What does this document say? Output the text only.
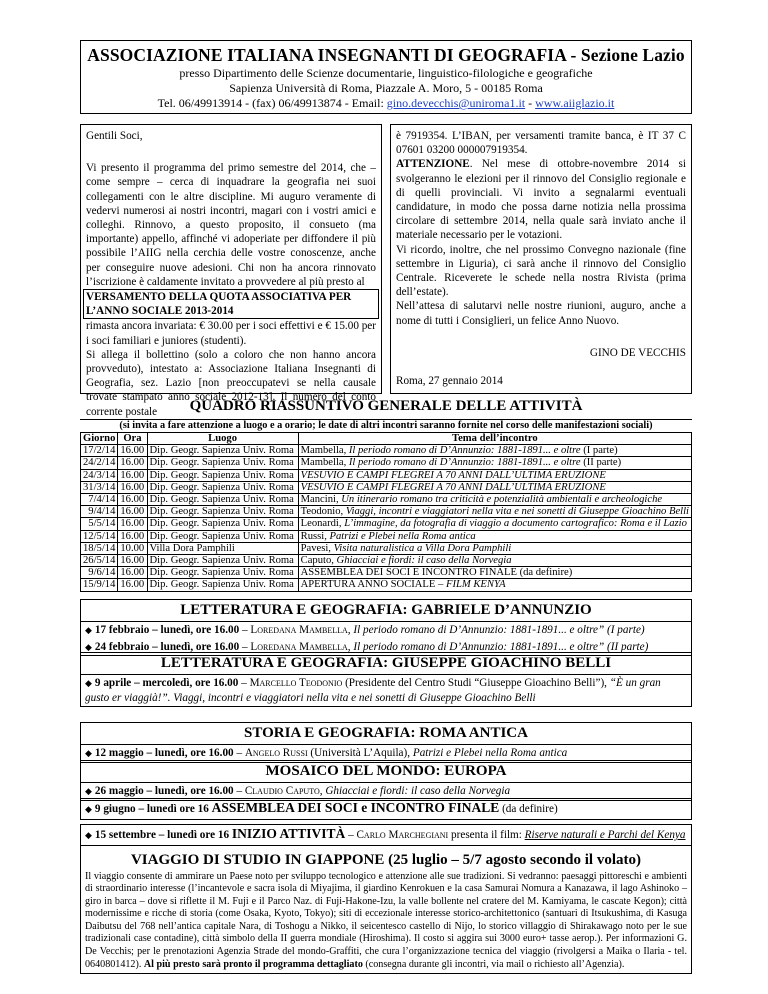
ASSOCIAZIONE ITALIANA INSEGNANTI DI GEOGRAFIA - Sezione Lazio
presso Dipartimento delle Scienze documentarie, linguistico-filologiche e geografiche
Sapienza Università di Roma, Piazzale A. Moro, 5 - 00185 Roma
Tel. 06/49913914 - (fax) 06/49913874 - Email: gino.devecchis@uniroma1.it - www.aiiglazio.it
Gentili Soci,
Vi presento il programma del primo semestre del 2014, che – come sempre – cerca di inquadrare la geografia nei suoi collegamenti con le altre discipline. Mi auguro veramente di vedervi numerosi ai nostri incontri, magari con i vostri amici e colleghi. Rinnovo, a questo proposito, il consueto (ma importante) appello, affinché vi adoperiate per diffondere il più possibile l’AIIG nella cerchia delle vostre conoscenze, anche per conseguire nuove adesioni. Chi non ha ancora rinnovato l’iscrizione è caldamente invitato a provvedere al più presto al
VERSAMENTO DELLA QUOTA ASSOCIATIVA PER L’ANNO SOCIALE 2013-2014
rimasta ancora invariata: € 30.00 per i soci effettivi e € 15.00 per i soci familiari e juniores (studenti).
Si allega il bollettino (solo a coloro che non hanno ancora provveduto), intestato a: Associazione Italiana Insegnanti di Geografia, sez. Lazio [non preoccupatevi se nella causale trovate stampato anno sociale 2012-13]. Il numero del conto corrente postale
è 7919354. L’IBAN, per versamenti tramite banca, è IT 37 C 07601 03200 000007919354.
ATTENZIONE. Nel mese di ottobre-novembre 2014 si svolgeranno le elezioni per il rinnovo del Consiglio regionale e di quelli provinciali. Vi invito a segnalarmi eventuali candidature, in modo che possa darne notizia nella prossima circolare di settembre 2014, nella quale sarà inviato anche il materiale necessario per le votazioni.
Vi ricordo, inoltre, che nel prossimo Convegno nazionale (fine settembre in Liguria), ci sarà anche il rinnovo del Consiglio Centrale. Riceverete le schede nella nostra Rivista (prima dell’estate).
Nell’attesa di salutarvi nelle nostre riunioni, auguro, anche a nome di tutti i Consiglieri, un felice Anno Nuovo.
GINO DE VECCHIS
Roma, 27 gennaio 2014
QUADRO RIASSUNTIVO GENERALE DELLE ATTIVITÀ
(si invita a fare attenzione a luogo e a orario; le date di altri incontri saranno fornite nel corso delle manifestazioni sociali)
Giorno	Ora	Luogo	Tema dell’incontro
17/2/14	16.00	Dip. Geogr. Sapienza Univ. Roma	Mambella, Il periodo romano di D’Annunzio: 1881-1891... e oltre (I parte)
24/2/14	16.00	Dip. Geogr. Sapienza Univ. Roma	Mambella, Il periodo romano di D’Annunzio: 1881-1891... e oltre (II parte)
24/3/14	16.00	Dip. Geogr. Sapienza Univ. Roma	VESUVIO E CAMPI FLEGREI A 70 ANNI DALL’ULTIMA ERUZIONE
31/3/14	16.00	Dip. Geogr. Sapienza Univ. Roma	VESUVIO E CAMPI FLEGREI A 70 ANNI DALL’ULTIMA ERUZIONE
7/4/14	16.00	Dip. Geogr. Sapienza Univ. Roma	Mancini, Un itinerario romano tra criticità e potenzialità ambientali e archeologiche
9/4/14	16.00	Dip. Geogr. Sapienza Univ. Roma	Teodonio, Viaggi, incontri e viaggiatori nella vita e nei sonetti di Giuseppe Gioachino Belli
5/5/14	16.00	Dip. Geogr. Sapienza Univ. Roma	Leonardi, L’immagine, da fotografia di viaggio a documento cartografico: Roma e il Lazio
12/5/14	16.00	Dip. Geogr. Sapienza Univ. Roma	Russi, Patrizi e Plebei nella Roma antica
18/5/14	10.00	Villa Dora Pamphili	Pavesi, Visita naturalistica a Villa Dora Pamphili
26/5/14	16.00	Dip. Geogr. Sapienza Univ. Roma	Caputo, Ghiacciai e fiordi: il caso della Norvegia
9/6/14	16.00	Dip. Geogr. Sapienza Univ. Roma	ASSEMBLEA DEI SOCI E INCONTRO FINALE (da definire)
15/9/14	16.00	Dip. Geogr. Sapienza Univ. Roma	APERTURA ANNO SOCIALE – FILM KENYA
LETTERATURA E GEOGRAFIA: GABRIELE D’ANNUNZIO
◆ 17 febbraio – lunedì, ore 16.00 – Loredana Mambella, Il periodo romano di D’Annunzio: 1881-1891... e oltre” (I parte)
◆ 24 febbraio – lunedì, ore 16.00 – Loredana Mambella, Il periodo romano di D’Annunzio: 1881-1891... e oltre” (II parte)
LETTERATURA E GEOGRAFIA: GIUSEPPE GIOACHINO BELLI
◆ 9 aprile – mercoledì, ore 16.00 – Marcello Teodonio (Presidente del Centro Studi “Giuseppe Gioachino Belli”), “È un gran gusto er viaggià!”. Viaggi, incontri e viaggiatori nella vita e nei sonetti di Giuseppe Gioachino Belli
STORIA E GEOGRAFIA: ROMA ANTICA
◆ 12 maggio – lunedì, ore 16.00 – Angelo Russi (Università L’Aquila), Patrizi e Plebei nella Roma antica
MOSAICO DEL MONDO: EUROPA
◆ 26 maggio – lunedì, ore 16.00 – Claudio Caputo, Ghiacciai e fiordi: il caso della Norvegia
◆ 9 giugno – lunedì ore 16 ASSEMBLEA DEI SOCI e INCONTRO FINALE (da definire)
◆ 15 settembre – lunedì ore 16 INIZIO ATTIVITÀ – Carlo Marchegiani presenta il film: Riserve naturali e Parchi del Kenya
VIAGGIO DI STUDIO IN GIAPPONE (25 luglio – 5/7 agosto secondo il volato)
Il viaggio consente di ammirare un Paese noto per sviluppo tecnologico e attenzione alle sue tradizioni. Si vedranno: paesaggi pittoreschi e ambienti di straordinario interesse (l’incantevole e sacra isola di Miyajima, il giardino Kenrokuen e la casa Samurai Nomura a Kanazawa, il lago Ashinoko – giro in barca – dove si riflette il M. Fuji e il Parco Naz. di Fuji-Hakone-Izu, la valle bollente nel cratere del M. Kamiyama, le cascate Kegon); città modernissime e ricche di storia (come Osaka, Kyoto, Tokyo); siti di eccezionale interesse storico-architettonico (santuari di Itsukushima, di Kasuga Daibutsu del 768 nell’antica capitale Nara, di Toshogu a Nikko, il seicentesco castello di Nijo, lo storico villaggio di Shirakawago noto per le sue tradizionali case contadine), città simbolo della II guerra mondiale (Hiroshima). Il costo si aggira sui 3000 euro+ tasse aerop.). Per informazioni G. De Vecchis; per le prenotazioni Agenzia Strade del mondo-Graffiti, che cura l’organizzazione tecnica del viaggio (rivolgersi a Maika o Ilaria - tel. 0640801412). Al più presto sarà pronto il programma dettagliato (consegna durante gli incontri, via mail o richiesto all’Agenzia).
